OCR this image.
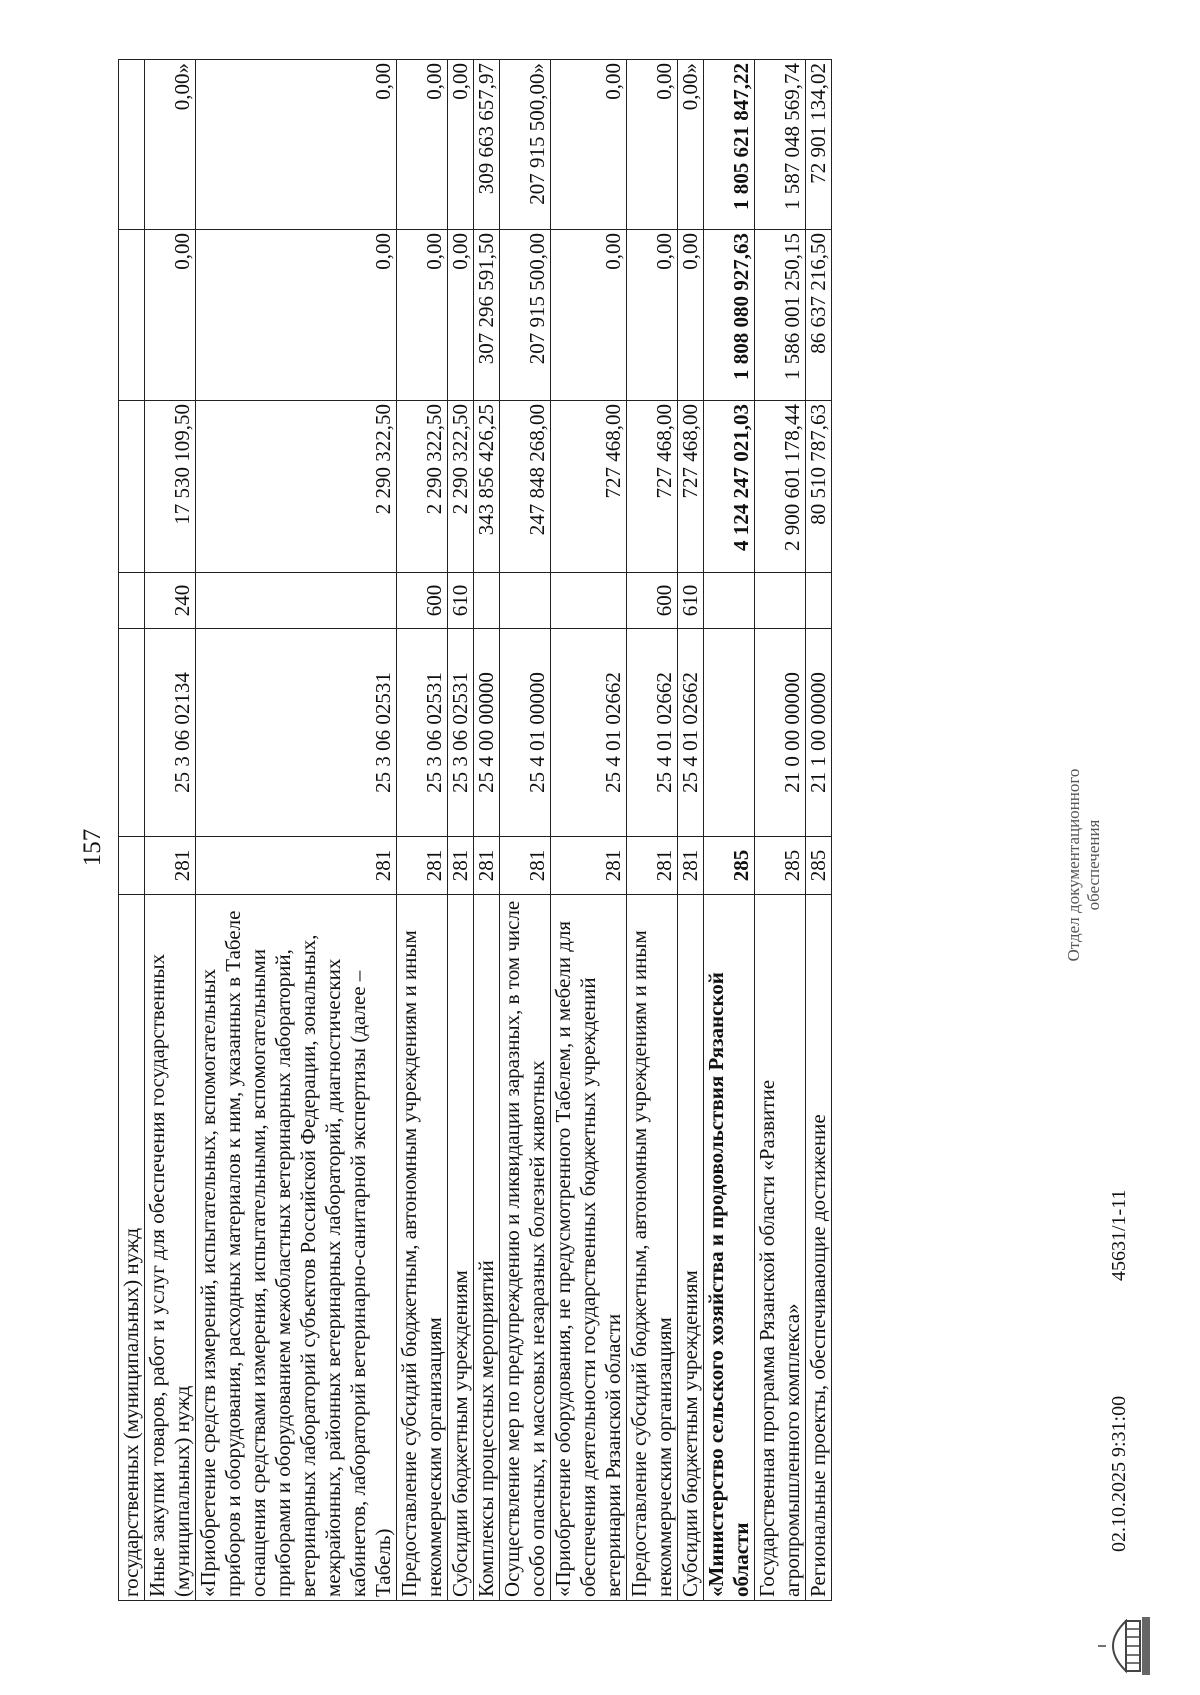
157
государственных (муниципальных) нужд						
Иные закупки товаров, работ и услуг для обеспечения государственных (муниципальных) нужд	281	25 3 06 02134	240	17 530 109,50	0,00	0,00»
«Приобретение средств измерений, испытательных, вспомогательных приборов и оборудования, расходных материалов к ним, указанных в Табеле оснащения средствами измерения, испытательными, вспомогательными приборами и оборудованием межобластных ветеринарных лабораторий, ветеринарных лабораторий субъектов Российской Федерации, зональных, межрайонных, районных ветеринарных лабораторий, диагностических кабинетов, лабораторий ветеринарно-санитарной экспертизы (далее – Табель)	281	25 3 06 02531		2 290 322,50	0,00	0,00
Предоставление субсидий бюджетным, автономным учреждениям и иным некоммерческим организациям	281	25 3 06 02531	600	2 290 322,50	0,00	0,00
Субсидии бюджетным учреждениям	281	25 3 06 02531	610	2 290 322,50	0,00	0,00
Комплексы процессных мероприятий	281	25 4 00 00000		343 856 426,25	307 296 591,50	309 663 657,97
Осуществление мер по предупреждению и ликвидации заразных, в том числе особо опасных, и массовых незаразных болезней животных	281	25 4 01 00000		247 848 268,00	207 915 500,00	207 915 500,00»
«Приобретение оборудования, не предусмотренного Табелем, и мебели для обеспечения деятельности государственных бюджетных учреждений ветеринарии Рязанской области	281	25 4 01 02662		727 468,00	0,00	0,00
Предоставление субсидий бюджетным, автономным учреждениям и иным некоммерческим организациям	281	25 4 01 02662	600	727 468,00	0,00	0,00
Субсидии бюджетным учреждениям	281	25 4 01 02662	610	727 468,00	0,00	0,00»
«Министерство сельского хозяйства и продовольствия Рязанской области	285			4 124 247 021,03	1 808 080 927,63	1 805 621 847,22
Государственная программа Рязанской области «Развитие агропромышленного комплекса»	285	21 0 00 00000		2 900 601 178,44	1 586 001 250,15	1 587 048 569,74
Региональные проекты, обеспечивающие достижение	285	21 1 00 00000		80 510 787,63	86 637 216,50	72 901 134,02
02.10.2025 9:31:00
45631/1-11
Отдел документационного обеспечения
